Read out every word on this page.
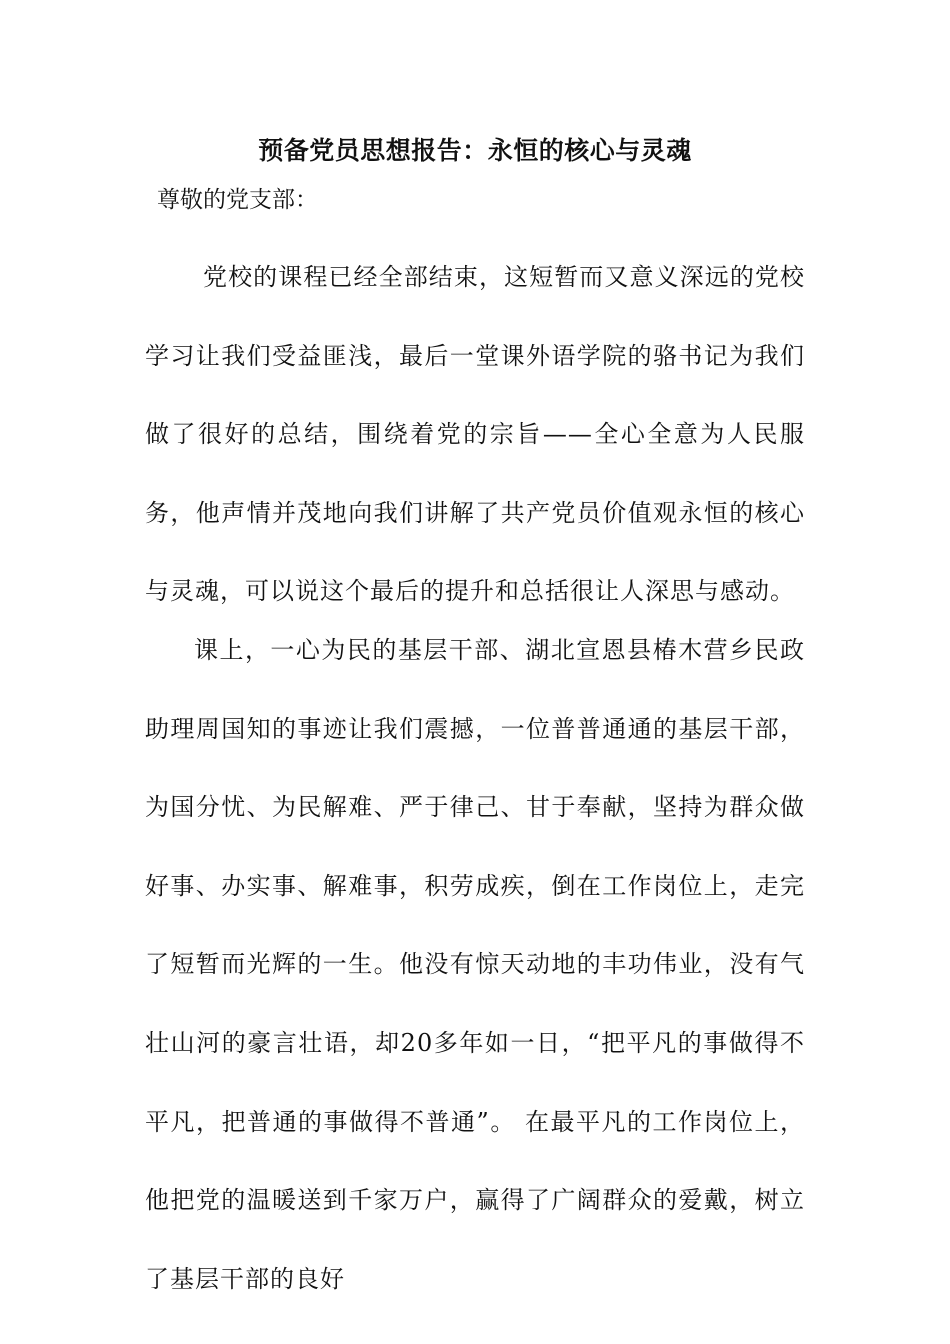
预备党员思想报告：永恒的核心与灵魂

尊敬的党支部：

党校的课程已经全部结束，这短暂而又意义深远的党校学习让我们受益匪浅，最后一堂课外语学院的骆书记为我们做了很好的总结，围绕着党的宗旨——全心全意为人民服务，他声情并茂地向我们讲解了共产党员价值观永恒的核心与灵魂，可以说这个最后的提升和总括很让人深思与感动。

课上，一心为民的基层干部、湖北宣恩县椿木营乡民政助理周国知的事迹让我们震撼，一位普普通通的基层干部，为国分忧、为民解难、严于律己、甘于奉献，坚持为群众做好事、办实事、解难事，积劳成疾，倒在工作岗位上，走完了短暂而光辉的一生。他没有惊天动地的丰功伟业，没有气壮山河的豪言壮语，却20多年如一日，“把平凡的事做得不平凡，把普通的事做得不普通”。 在最平凡的工作岗位上，他把党的温暖送到千家万户，赢得了广阔群众的爱戴，树立了基层干部的良好
